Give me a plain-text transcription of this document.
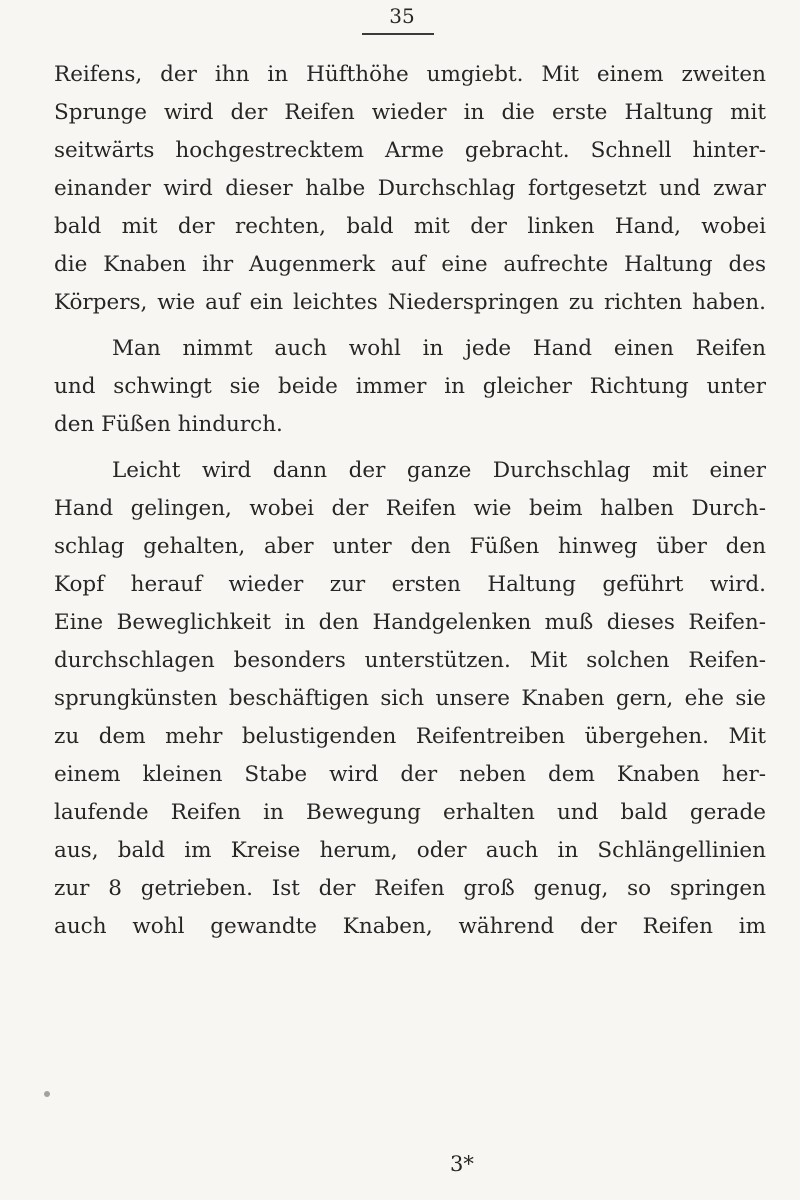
35
Reifens, der ihn in Hüfthöhe umgiebt. Mit einem zweiten
Sprunge wird der Reifen wieder in die erste Haltung mit
seitwärts hochgestrecktem Arme gebracht. Schnell hinter-
einander wird dieser halbe Durchschlag fortgesetzt und zwar
bald mit der rechten, bald mit der linken Hand, wobei
die Knaben ihr Augenmerk auf eine aufrechte Haltung des
Körpers, wie auf ein leichtes Niederspringen zu richten haben.
Man nimmt auch wohl in jede Hand einen Reifen
und schwingt sie beide immer in gleicher Richtung unter
den Füßen hindurch.
Leicht wird dann der ganze Durchschlag mit einer
Hand gelingen, wobei der Reifen wie beim halben Durch-
schlag gehalten, aber unter den Füßen hinweg über den
Kopf herauf wieder zur ersten Haltung geführt wird.
Eine Beweglichkeit in den Handgelenken muß dieses Reifen-
durchschlagen besonders unterstützen. Mit solchen Reifen-
sprungkünsten beschäftigen sich unsere Knaben gern, ehe sie
zu dem mehr belustigenden Reifentreiben übergehen. Mit
einem kleinen Stabe wird der neben dem Knaben her-
laufende Reifen in Bewegung erhalten und bald gerade
aus, bald im Kreise herum, oder auch in Schlängellinien
zur 8 getrieben. Ist der Reifen groß genug, so springen
auch wohl gewandte Knaben, während der Reifen im
3*
